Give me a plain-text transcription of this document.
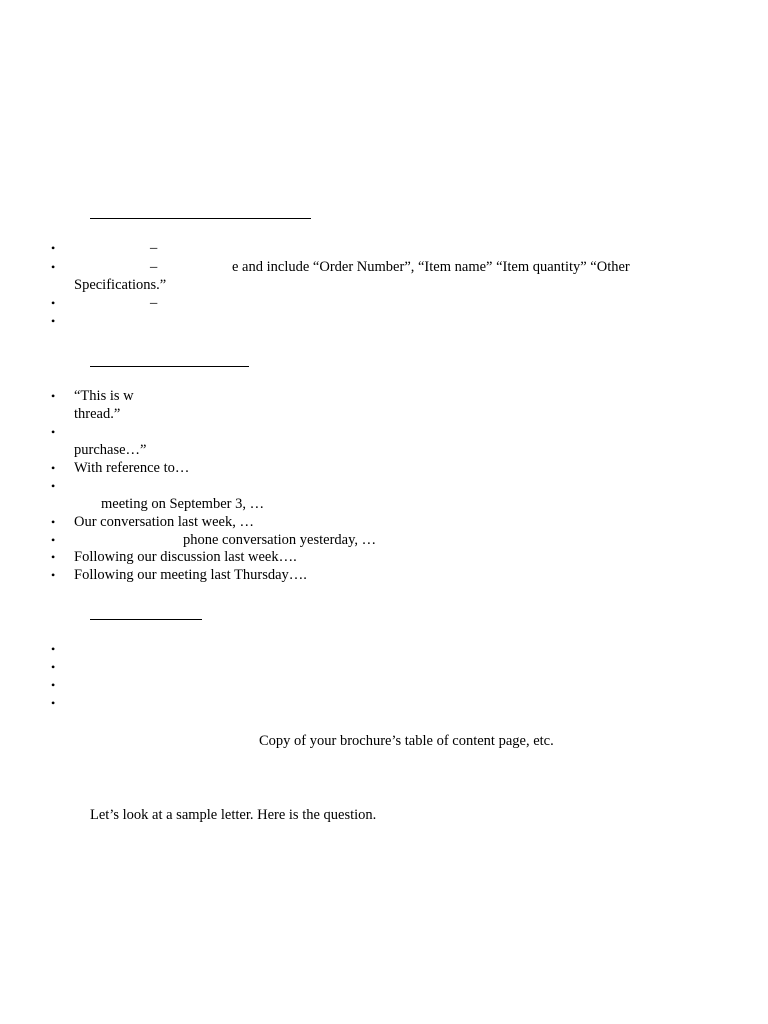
•	–
•	–	e and include “Order Number”, “Item name” “Item quantity” “Other
Specifications.”
•	–
•
•	“This is w
thread.”
•
purchase…”
•	With reference to…
•
meeting on September 3, …
•	Our conversation last week, …
•	phone conversation yesterday, …
•	Following our discussion last week….
•	Following our meeting last Thursday….
•
•
•
•
Copy of your brochure’s table of content page, etc.
Let’s look at a sample letter. Here is the question.
